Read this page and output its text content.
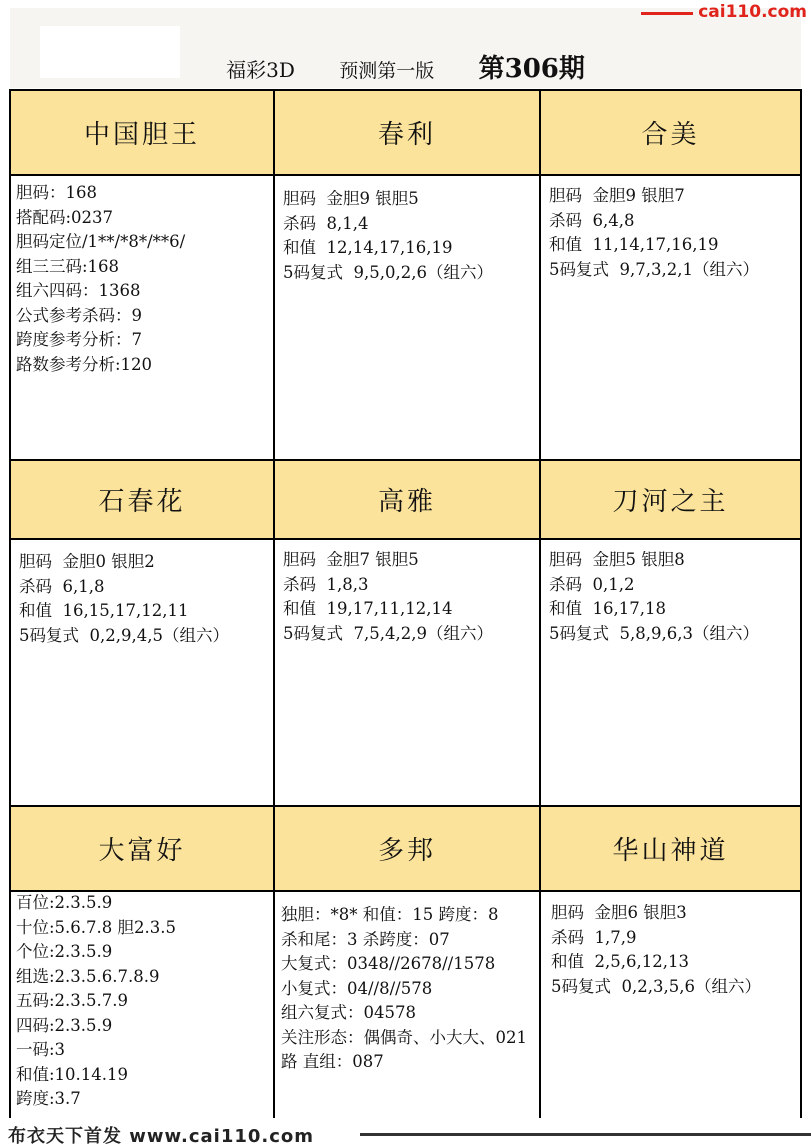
福彩3D 预测第一版 第306期
cai110.com
中国胆王	春利	合美
胆码：168
搭配码:0237
胆码定位/1**/*8*/**6/
组三三码:168
组六四码：1368
公式参考杀码：9
跨度参考分析：7
路数参考分析:120
胆码  金胆9 银胆5
杀码  8,1,4
和值  12,14,17,16,19
5码复式  9,5,0,2,6（组六）
胆码  金胆9 银胆7
杀码  6,4,8
和值  11,14,17,16,19
5码复式  9,7,3,2,1（组六）
石春花	高雅	刀河之主
胆码  金胆0 银胆2
杀码  6,1,8
和值  16,15,17,12,11
5码复式  0,2,9,4,5（组六）
胆码  金胆7 银胆5
杀码  1,8,3
和值  19,17,11,12,14
5码复式  7,5,4,2,9（组六）
胆码  金胆5 银胆8
杀码  0,1,2
和值  16,17,18
5码复式  5,8,9,6,3（组六）
大富好	多邦	华山神道
百位:2.3.5.9
十位:5.6.7.8 胆2.3.5
个位:2.3.5.9
组选:2.3.5.6.7.8.9
五码:2.3.5.7.9
四码:2.3.5.9
一码:3
和值:10.14.19
跨度:3.7
独胆：*8* 和值：15 跨度：8
杀和尾：3 杀跨度：07
大复式：0348//2678//1578
小复式：04//8//578
组六复式：04578
关注形态：偶偶奇、小大大、021路 直组：087
胆码  金胆6 银胆3
杀码  1,7,9
和值  2,5,6,12,13
5码复式  0,2,3,5,6（组六）
布衣天下首发 www.cai110.com
